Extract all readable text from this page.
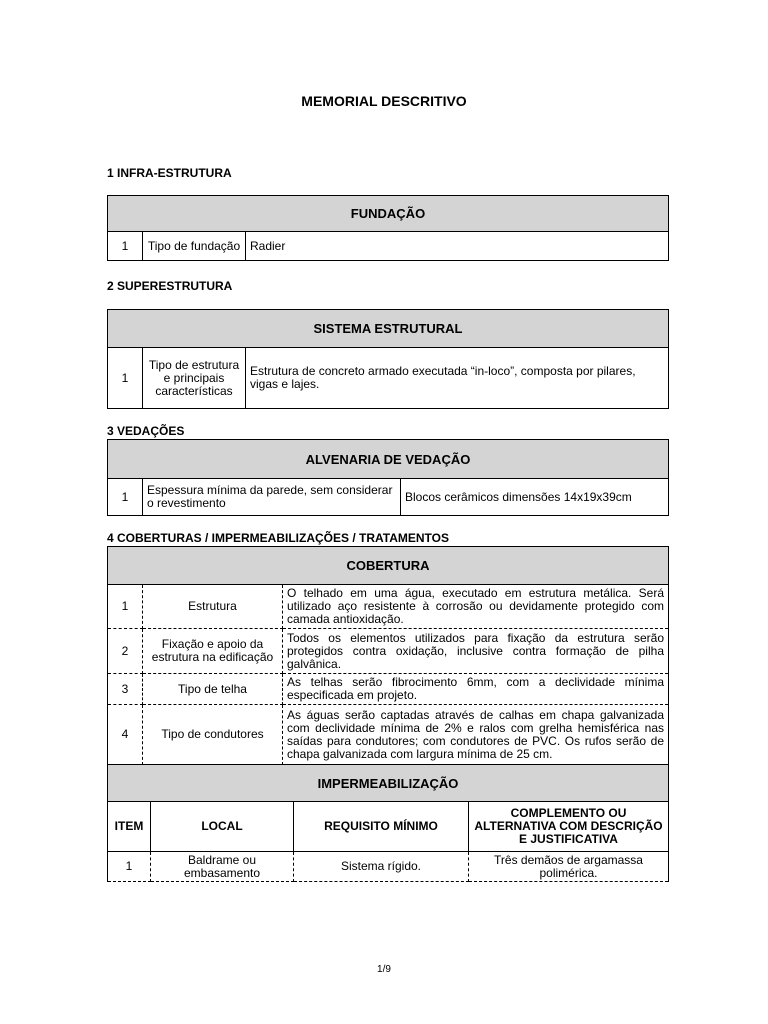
MEMORIAL DESCRITIVO
1 INFRA-ESTRUTURA
FUNDAÇÃO
1	Tipo de fundação	Radier
2 SUPERESTRUTURA
SISTEMA ESTRUTURAL
1	Tipo de estrutura e principais características	Estrutura de concreto armado executada “in-loco”, composta por pilares, vigas e lajes.
3 VEDAÇÕES
ALVENARIA DE VEDAÇÃO
1	Espessura mínima da parede, sem considerar o revestimento	Blocos cerâmicos dimensões 14x19x39cm
4 COBERTURAS / IMPERMEABILIZAÇÕES / TRATAMENTOS
COBERTURA		
1	Estrutura	O telhado em uma água, executado em estrutura metálica. Será utilizado aço resistente à corrosão ou devidamente protegido com camada antioxidação.
2	Fixação e apoio da estrutura na edificação	Todos os elementos utilizados para fixação da estrutura serão protegidos contra oxidação, inclusive contra formação de pilha galvânica.
3	Tipo de telha	As telhas serão fibrocimento 6mm, com a declividade mínima especificada em projeto.
4	Tipo de condutores	As águas serão captadas através de calhas em chapa galvanizada com declividade mínima de 2% e ralos com grelha hemisférica nas saídas para condutores; com condutores de PVC. Os rufos serão de chapa galvanizada com largura mínima de 25 cm.
IMPERMEABILIZAÇÃO			
ITEM	LOCAL	REQUISITO MÍNIMO	COMPLEMENTO OU ALTERNATIVA COM DESCRIÇÃO E JUSTIFICATIVA
1	Baldrame ou embasamento	Sistema rígido.	Três demãos de argamassa polimérica.
1/9
